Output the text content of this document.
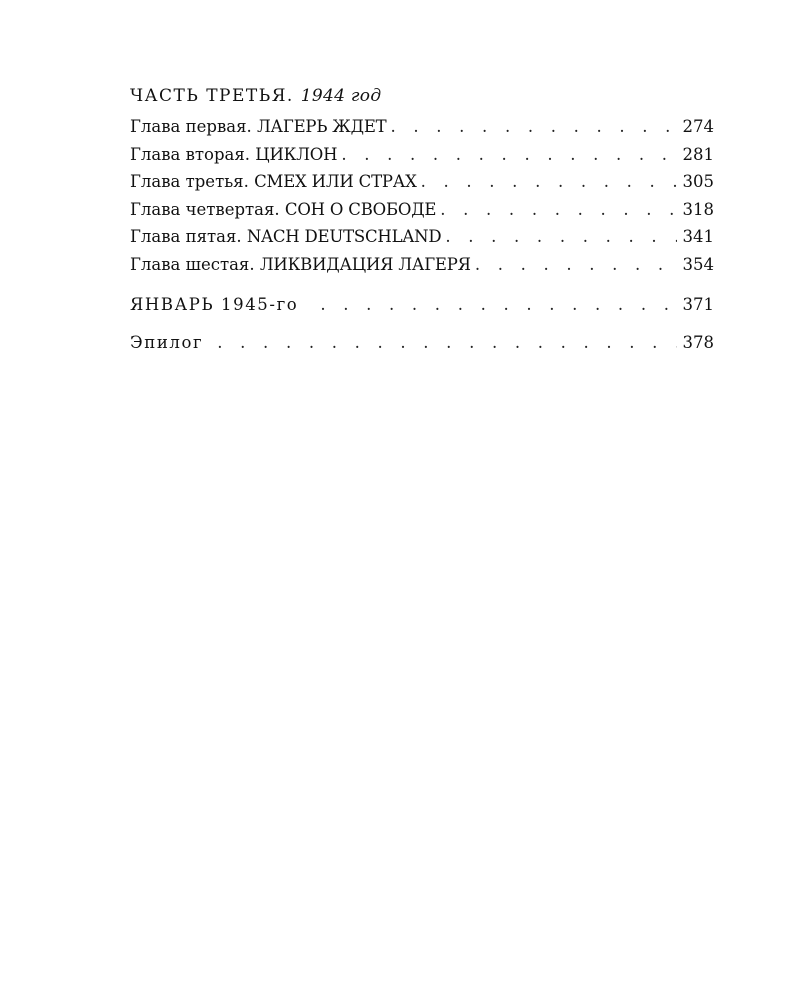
ЧАСТЬ ТРЕТЬЯ. 1944 год
Глава первая. ЛАГЕРЬ ЖДЕТ . . .	274
Глава вторая. ЦИКЛОН . . .	281
Глава третья. СМЕХ ИЛИ СТРАХ . . .	305
Глава четвертая. СОН О СВОБОДЕ . . .	318
Глава пятая. NACH DEUTSCHLAND . . .	341
Глава шестая. ЛИКВИДАЦИЯ ЛАГЕРЯ . . .	354
ЯНВАРЬ 1945-го . . .	371
Эпилог . . .	378
